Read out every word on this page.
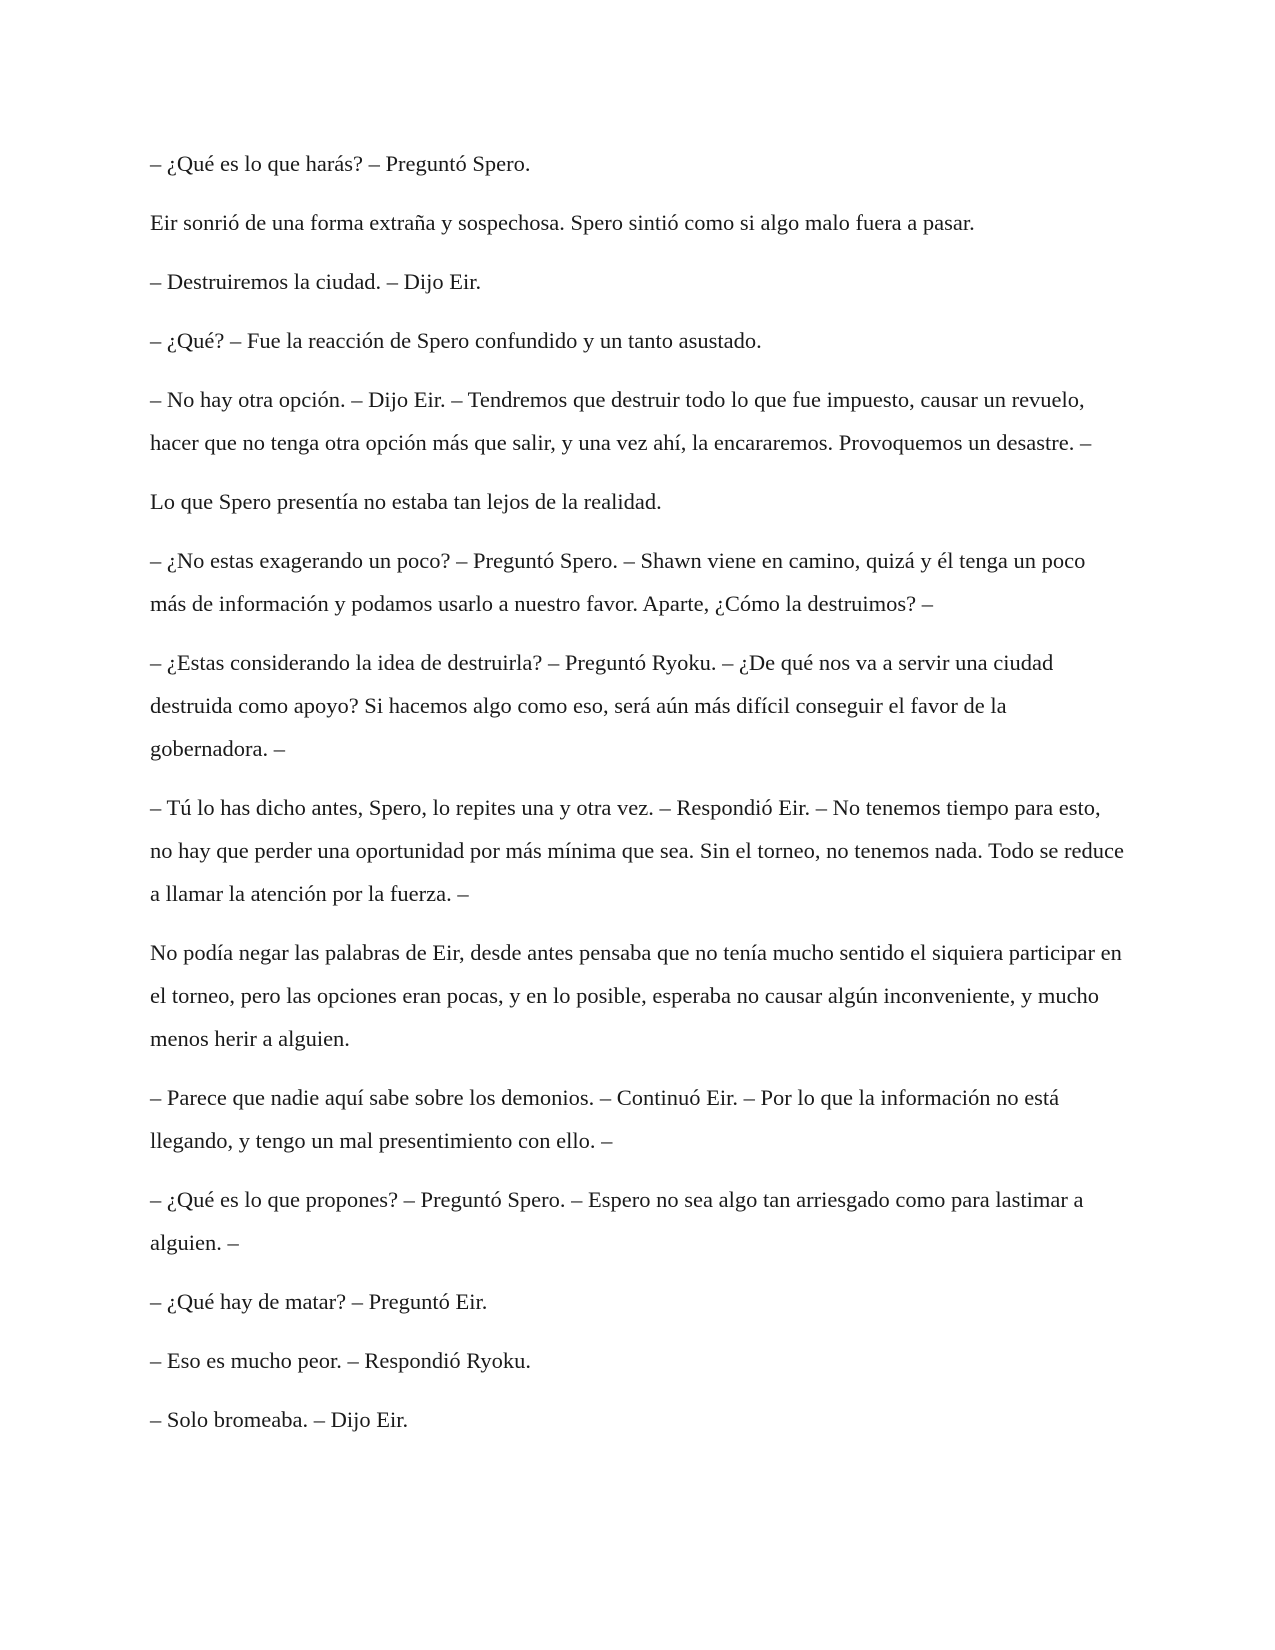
– ¿Qué es lo que harás? – Preguntó Spero.

Eir sonrió de una forma extraña y sospechosa. Spero sintió como si algo malo fuera a pasar.

– Destruiremos la ciudad. – Dijo Eir.

– ¿Qué? – Fue la reacción de Spero confundido y un tanto asustado.

– No hay otra opción. – Dijo Eir. – Tendremos que destruir todo lo que fue impuesto, causar un revuelo, hacer que no tenga otra opción más que salir, y una vez ahí, la encararemos. Provoquemos un desastre. –

Lo que Spero presentía no estaba tan lejos de la realidad.

– ¿No estas exagerando un poco? – Preguntó Spero. – Shawn viene en camino, quizá y él tenga un poco más de información y podamos usarlo a nuestro favor. Aparte, ¿Cómo la destruimos? –

– ¿Estas considerando la idea de destruirla? – Preguntó Ryoku. – ¿De qué nos va a servir una ciudad destruida como apoyo? Si hacemos algo como eso, será aún más difícil conseguir el favor de la gobernadora. –

– Tú lo has dicho antes, Spero, lo repites una y otra vez. – Respondió Eir. – No tenemos tiempo para esto, no hay que perder una oportunidad por más mínima que sea. Sin el torneo, no tenemos nada. Todo se reduce a llamar la atención por la fuerza. –

No podía negar las palabras de Eir, desde antes pensaba que no tenía mucho sentido el siquiera participar en el torneo, pero las opciones eran pocas, y en lo posible, esperaba no causar algún inconveniente, y mucho menos herir a alguien.

– Parece que nadie aquí sabe sobre los demonios. – Continuó Eir. – Por lo que la información no está llegando, y tengo un mal presentimiento con ello. –

– ¿Qué es lo que propones? – Preguntó Spero. – Espero no sea algo tan arriesgado como para lastimar a alguien. –

– ¿Qué hay de matar? – Preguntó Eir.

– Eso es mucho peor. – Respondió Ryoku.

– Solo bromeaba. – Dijo Eir.
